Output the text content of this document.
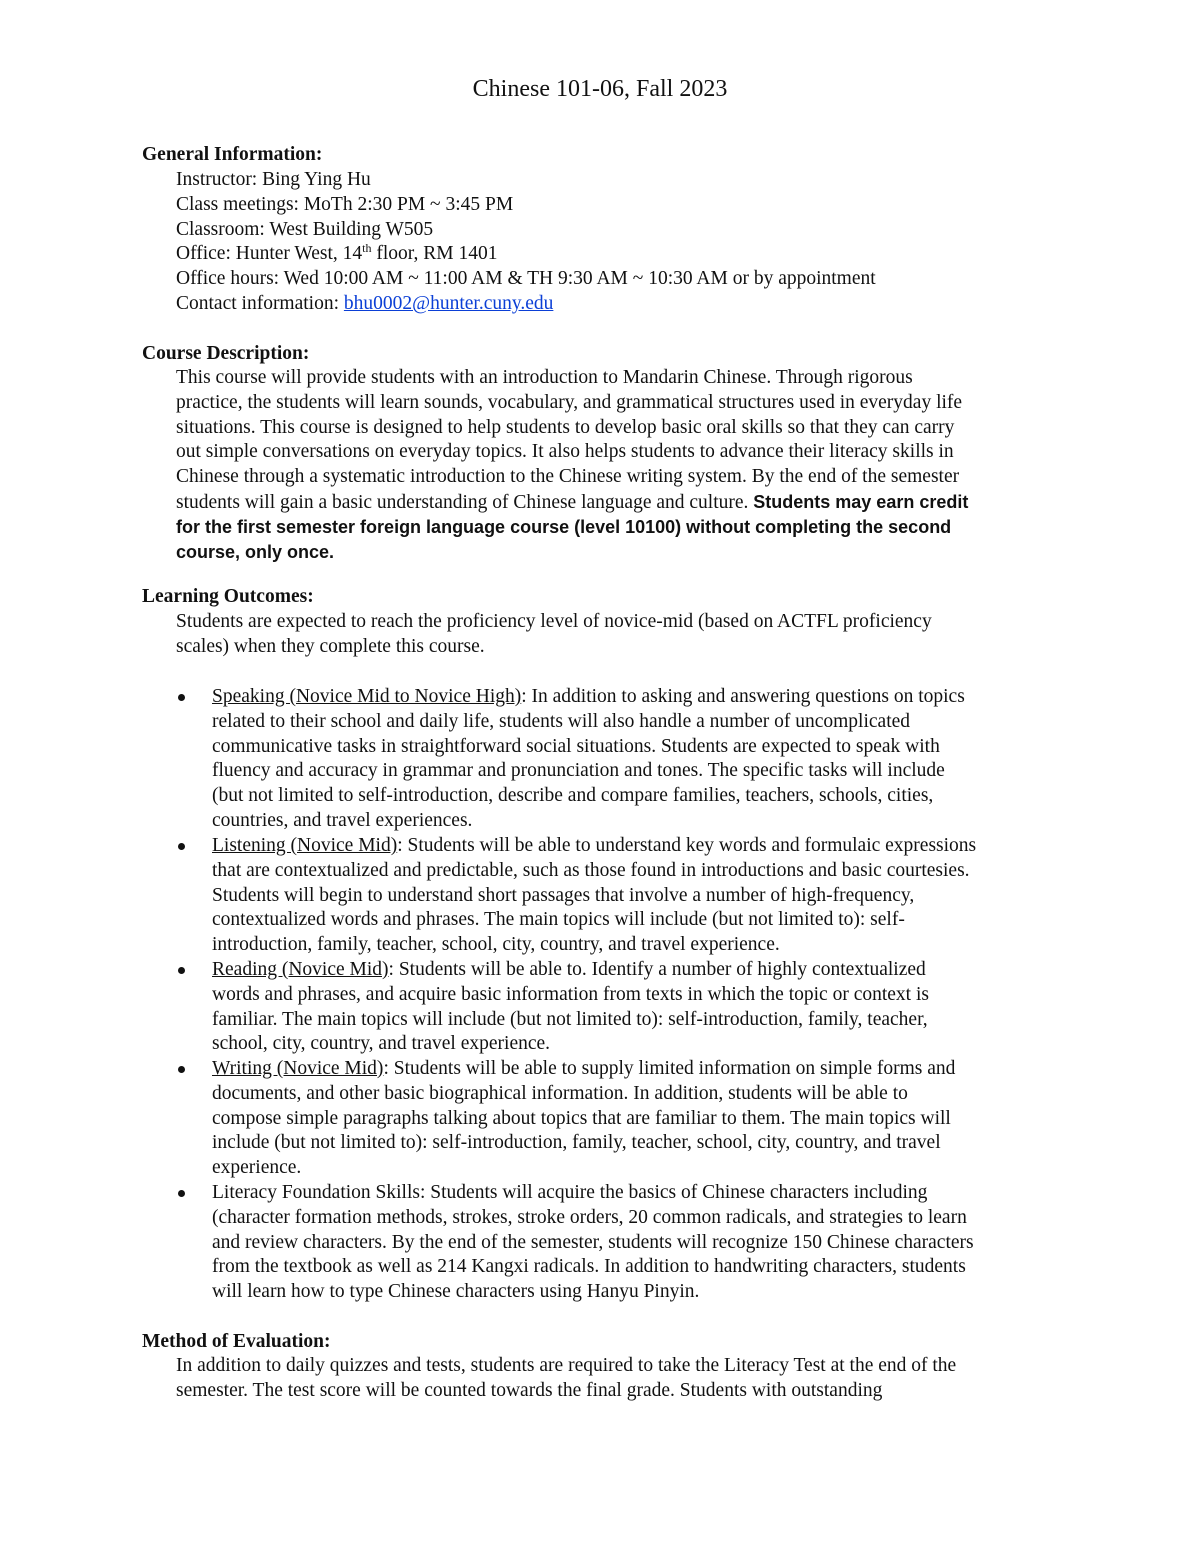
Chinese 101-06, Fall 2023
General Information:
Instructor: Bing Ying Hu
Class meetings: MoTh 2:30 PM ~ 3:45 PM
Classroom: West Building W505
Office: Hunter West, 14th floor, RM 1401
Office hours: Wed 10:00 AM ~ 11:00 AM & TH 9:30 AM ~ 10:30 AM or by appointment
Contact information: bhu0002@hunter.cuny.edu
Course Description:
This course will provide students with an introduction to Mandarin Chinese. Through rigorous
practice, the students will learn sounds, vocabulary, and grammatical structures used in everyday life
situations. This course is designed to help students to develop basic oral skills so that they can carry
out simple conversations on everyday topics. It also helps students to advance their literacy skills in
Chinese through a systematic introduction to the Chinese writing system. By the end of the semester
students will gain a basic understanding of Chinese language and culture. Students may earn credit
for the first semester foreign language course (level 10100) without completing the second
course, only once.
Learning Outcomes:
Students are expected to reach the proficiency level of novice-mid (based on ACTFL proficiency
scales) when they complete this course.
Speaking (Novice Mid to Novice High): In addition to asking and answering questions on topics
related to their school and daily life, students will also handle a number of uncomplicated
communicative tasks in straightforward social situations. Students are expected to speak with
fluency and accuracy in grammar and pronunciation and tones. The specific tasks will include
(but not limited to self-introduction, describe and compare families, teachers, schools, cities,
countries, and travel experiences.
Listening (Novice Mid): Students will be able to understand key words and formulaic expressions
that are contextualized and predictable, such as those found in introductions and basic courtesies.
Students will begin to understand short passages that involve a number of high-frequency,
contextualized words and phrases. The main topics will include (but not limited to): self-
introduction, family, teacher, school, city, country, and travel experience.
Reading (Novice Mid): Students will be able to. Identify a number of highly contextualized
words and phrases, and acquire basic information from texts in which the topic or context is
familiar. The main topics will include (but not limited to): self-introduction, family, teacher,
school, city, country, and travel experience.
Writing (Novice Mid): Students will be able to supply limited information on simple forms and
documents, and other basic biographical information. In addition, students will be able to
compose simple paragraphs talking about topics that are familiar to them. The main topics will
include (but not limited to): self-introduction, family, teacher, school, city, country, and travel
experience.
Literacy Foundation Skills: Students will acquire the basics of Chinese characters including
(character formation methods, strokes, stroke orders, 20 common radicals, and strategies to learn
and review characters. By the end of the semester, students will recognize 150 Chinese characters
from the textbook as well as 214 Kangxi radicals. In addition to handwriting characters, students
will learn how to type Chinese characters using Hanyu Pinyin.
Method of Evaluation:
In addition to daily quizzes and tests, students are required to take the Literacy Test at the end of the
semester. The test score will be counted towards the final grade. Students with outstanding
